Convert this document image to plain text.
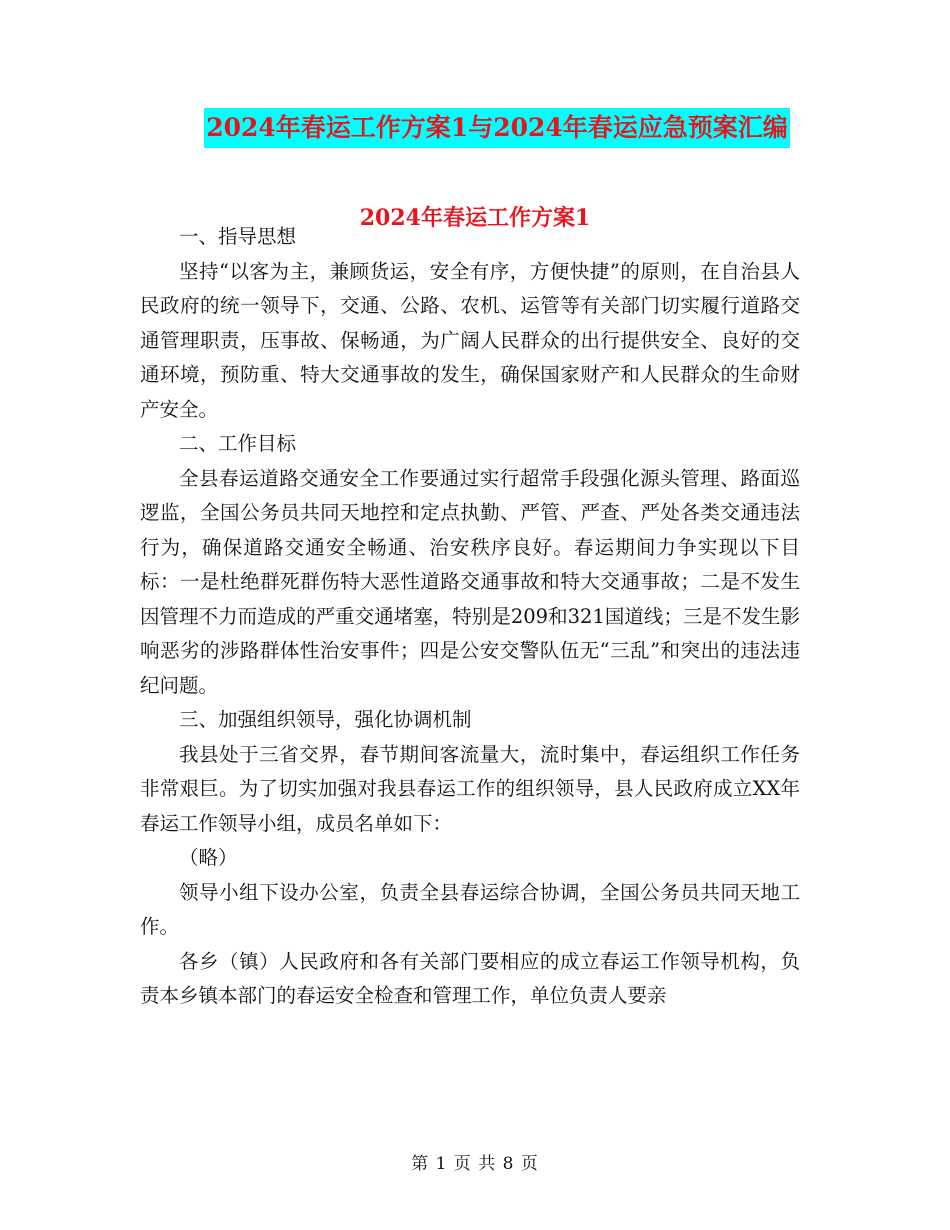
2024年春运工作方案1与2024年春运应急预案汇编
2024年春运工作方案1

一、指导思想

坚持“以客为主，兼顾货运，安全有序，方便快捷”的原则，在自治县人民政府的统一领导下，交通、公路、农机、运管等有关部门切实履行道路交通管理职责，压事故、保畅通，为广阔人民群众的出行提供安全、良好的交通环境，预防重、特大交通事故的发生，确保国家财产和人民群众的生命财产安全。

二、工作目标

全县春运道路交通安全工作要通过实行超常手段强化源头管理、路面巡逻监，全国公务员共同天地控和定点执勤、严管、严查、严处各类交通违法行为，确保道路交通安全畅通、治安秩序良好。春运期间力争实现以下目标：一是杜绝群死群伤特大恶性道路交通事故和特大交通事故；二是不发生因管理不力而造成的严重交通堵塞，特别是209和321国道线；三是不发生影响恶劣的涉路群体性治安事件；四是公安交警队伍无“三乱”和突出的违法违纪问题。

三、加强组织领导，强化协调机制

我县处于三省交界，春节期间客流量大，流时集中，春运组织工作任务非常艰巨。为了切实加强对我县春运工作的组织领导，县人民政府成立XX年春运工作领导小组，成员名单如下：

（略）

领导小组下设办公室，负责全县春运综合协调，全国公务员共同天地工作。

各乡（镇）人民政府和各有关部门要相应的成立春运工作领导机构，负责本乡镇本部门的春运安全检查和管理工作，单位负责人要亲

第 1 页 共 8 页
